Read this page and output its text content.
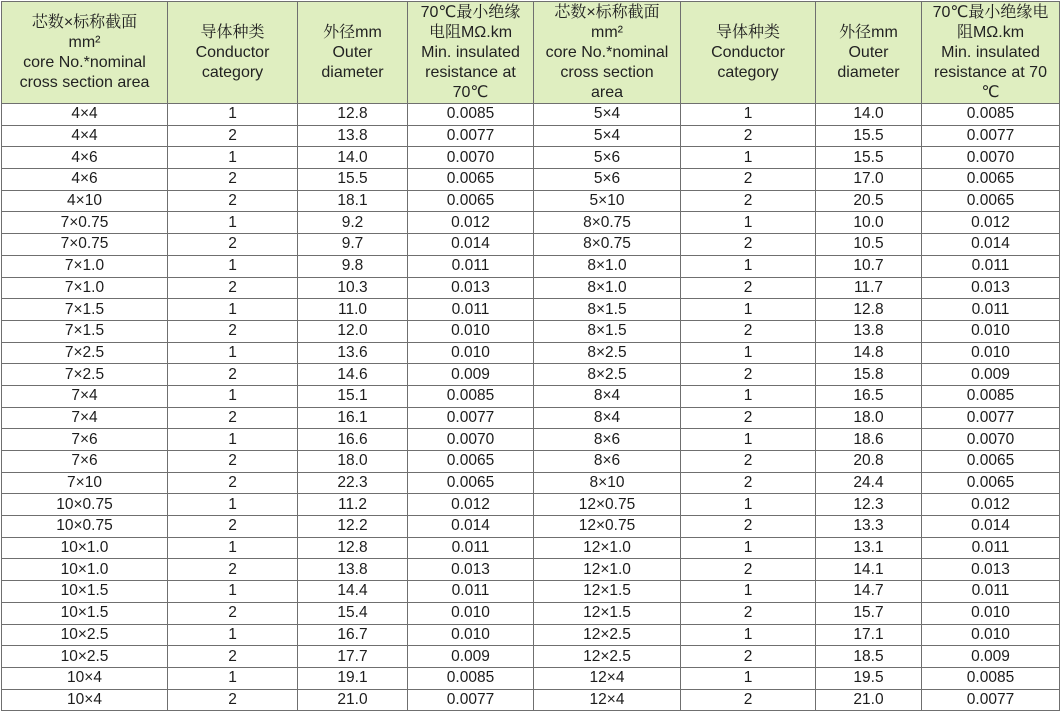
芯数×标称截面
mm²
core No.*nominal
cross section area	导体种类
Conductor
category	外径mm
Outer
diameter	70℃最小绝缘
电阻MΩ.km
Min. insulated
resistance at
70℃	芯数×标称截面
mm²
core No.*nominal
cross section
area	导体种类
Conductor
category	外径mm
Outer
diameter	70℃最小绝缘电
阻MΩ.km
Min. insulated
resistance at 70
℃

4×4	1	12.8	0.0085	5×4	1	14.0	0.0085
4×4	2	13.8	0.0077	5×4	2	15.5	0.0077
4×6	1	14.0	0.0070	5×6	1	15.5	0.0070
4×6	2	15.5	0.0065	5×6	2	17.0	0.0065
4×10	2	18.1	0.0065	5×10	2	20.5	0.0065
7×0.75	1	9.2	0.012	8×0.75	1	10.0	0.012
7×0.75	2	9.7	0.014	8×0.75	2	10.5	0.014
7×1.0	1	9.8	0.011	8×1.0	1	10.7	0.011
7×1.0	2	10.3	0.013	8×1.0	2	11.7	0.013
7×1.5	1	11.0	0.011	8×1.5	1	12.8	0.011
7×1.5	2	12.0	0.010	8×1.5	2	13.8	0.010
7×2.5	1	13.6	0.010	8×2.5	1	14.8	0.010
7×2.5	2	14.6	0.009	8×2.5	2	15.8	0.009
7×4	1	15.1	0.0085	8×4	1	16.5	0.0085
7×4	2	16.1	0.0077	8×4	2	18.0	0.0077
7×6	1	16.6	0.0070	8×6	1	18.6	0.0070
7×6	2	18.0	0.0065	8×6	2	20.8	0.0065
7×10	2	22.3	0.0065	8×10	2	24.4	0.0065
10×0.75	1	11.2	0.012	12×0.75	1	12.3	0.012
10×0.75	2	12.2	0.014	12×0.75	2	13.3	0.014
10×1.0	1	12.8	0.011	12×1.0	1	13.1	0.011
10×1.0	2	13.8	0.013	12×1.0	2	14.1	0.013
10×1.5	1	14.4	0.011	12×1.5	1	14.7	0.011
10×1.5	2	15.4	0.010	12×1.5	2	15.7	0.010
10×2.5	1	16.7	0.010	12×2.5	1	17.1	0.010
10×2.5	2	17.7	0.009	12×2.5	2	18.5	0.009
10×4	1	19.1	0.0085	12×4	1	19.5	0.0085
10×4	2	21.0	0.0077	12×4	2	21.0	0.0077
